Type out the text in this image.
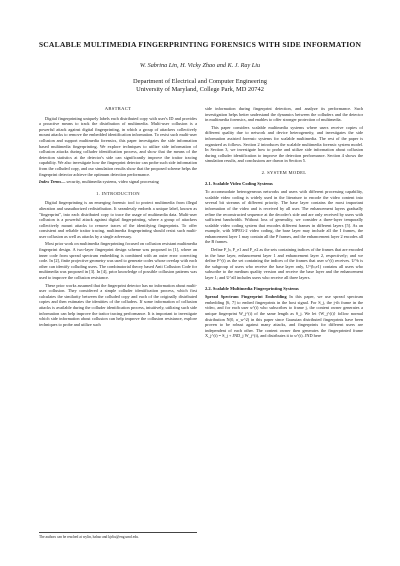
SCALABLE MULTIMEDIA FINGERPRINTING FORENSICS WITH SIDE INFORMATION
W. Sabrina Lin, H. Vicky Zhao and K. J. Ray Liu
Department of Electrical and Computer Engineering
University of Maryland, College Park, MD 20742
ABSTRACT

Digital fingerprinting uniquely labels each distributed copy with user's ID and provides a proactive means to track the distribution of multimedia. Multi-user collusion is a powerful attack against digital fingerprinting, in which a group of attackers collectively mount attacks to remove the embedded identification information. To resist such multi-user collusion and support multimedia forensics, this paper investigates the side information based multimedia fingerprinting. We explore techniques to utilize side information of collusion attacks during colluder identification process, and show that the means of the detection statistics at the detector's side can significantly improve the traitor tracing capability. We also investigate how the fingerprint detector can probe such side information from the colluded copy, and our simulation results show that the proposed scheme helps the fingerprint detector achieve the optimum detection performance.

Index Terms— security, multimedia systems, video signal processing

1. INTRODUCTION

Digital fingerprinting is an emerging forensic tool to protect multimedia from illegal alteration and unauthorized redistribution. It seamlessly embeds a unique label, known as "fingerprint", into each distributed copy to trace the usage of multimedia data. Multi-user collusion is a powerful attack against digital fingerprinting, where a group of attackers collectively mount attacks to remove traces of the identifying fingerprints. To offer consistent and reliable traitor tracing, multimedia fingerprinting should resist such multi-user collusion as well as attacks by a single adversary.

Most prior work on multimedia fingerprinting focused on collusion resistant multimedia fingerprint design. A two-layer fingerprint design scheme was proposed in [1], where an inner code from spread spectrum embedding is combined with an outer error correcting code. In [2], finite projective geometry was used to generate codes whose overlap with each other can identify colluding users. The combinatorial theory based Anti Collusion Code for multimedia was proposed in [3]. In [4], prior knowledge of possible collusion patterns was used to improve the collusion resistance.

These prior works assumed that the fingerprint detector has no information about multi-user collusion. They considered a simple colluder identification process, which first calculates the similarity between the colluded copy and each of the originally distributed copies and then estimates the identities of the colluders. If some information of collusion attacks is available during the colluder identification process, intuitively, utilizing such side information can help improve the traitor tracing performance. It is important to investigate which side information about collusion can help improve the collusion resistance, explore techniques to probe and utilize such

side information during fingerprint detection, and analyze its performance. Such investigation helps better understand the dynamics between the colluders and the detector in multimedia forensics, and enables to offer stronger protection of multimedia.

This paper considers scalable multimedia systems where users receive copies of different quality due to network and device heterogeneity, and investigates the side information assisted forensic systems for scalable multimedia. The rest of the paper is organized as follows. Section 2 introduces the scalable multimedia forensic system model. In Section 3, we investigate how to probe and utilize side information about collusion during colluder identification to improve the detection performance. Section 4 shows the simulation results, and conclusions are drawn in Section 5.

2. SYSTEM MODEL
2.1. Scalable Video Coding Systems

To accommodate heterogeneous networks and users with different processing capability, scalable video coding is widely used in the literature to encode the video content into several bit streams of different priority. The base layer contains the most important information of the video and is received by all user. The enhancement layers gradually refine the reconstructed sequence at the decoder's side and are only received by users with sufficient bandwidth. Without loss of generality, we consider a three-layer temporally scalable video coding system that encodes different frames in different layers [5]. As an example, with MPEG-2 video coding, the base layer may include all the I frames, the enhancement layer 1 may contain all the P frames, and the enhancement layer 2 encodes all the B frames.

Define F_b, F_e1 and F_e2 as the sets containing indices of the frames that are encoded in the base layer, enhancement layer 1 and enhancement layer 2, respectively; and we define F^(i) as the set containing the indices of the frames that user u^(i) receives. U^b is the subgroup of users who receive the base layer only, U^(b,e1) contains all users who subscribe to the medium quality version and receive the base layer and the enhancement layer 1; and U^all includes users who receive all three layers.

2.2. Scalable Multimedia Fingerprinting Systems

Spread Spectrum Fingerprint Embedding In this paper, we use spread spectrum embedding [6, 7] to embed fingerprints in the host signal. For S_j, the j-th frame in the video, and for each user u^(i) who subscribes to frame j, the content owner generates a unique fingerprint W_j^(i) of the same length as S_j. We let {W_j^(i)} follow normal distribution N(0, σ_w^2) in this paper since Gaussian distributed fingerprints have been proven to be robust against many attacks, and fingerprints for different users are independent of each other. The content owner then generates the fingerprinted frame X_j^(i) = S_j + JND_j W_j^(i), and distributes it to u^(i). JND here

The authors can be reached at wylin, hzhao and kjrliu@eng.umd.edu.
